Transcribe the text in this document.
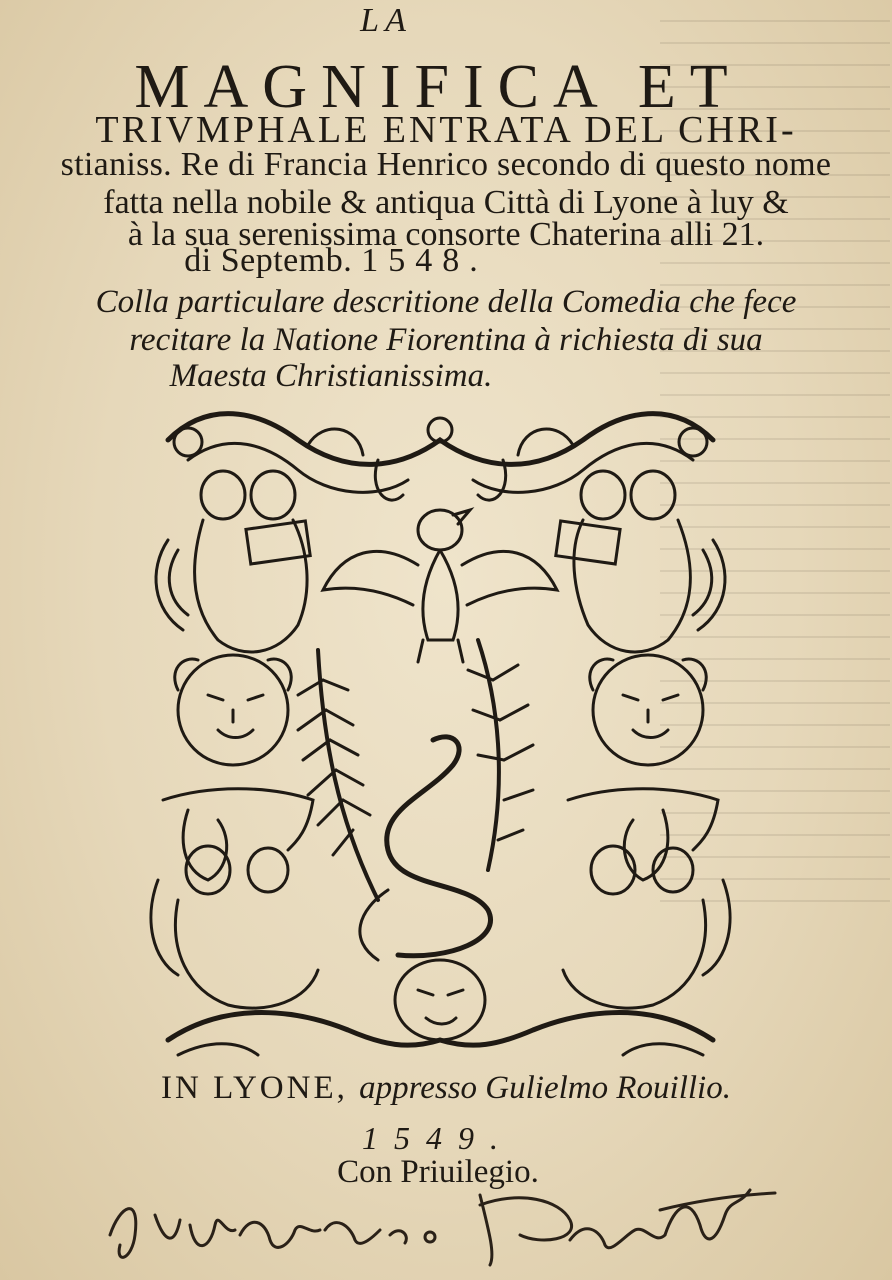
LA
MAGNIFICA ET
TRIVMPHALE ENTRATA DEL CHRI-
stianiss. Re di Francia Henrico secondo di questo nome
fatta nella nobile & antiqua Città di Lyone à luy &
à la sua serenissima consorte Chaterina alli 21.
di Septemb. 1548.
Colla particulare descritione della Comedia che fece
recitare la Natione Fiorentina à richiesta di sua
Maesta Christianissima.
IN LYONE, appresso Gulielmo Rouillio.
1549.
Con Priuilegio.
